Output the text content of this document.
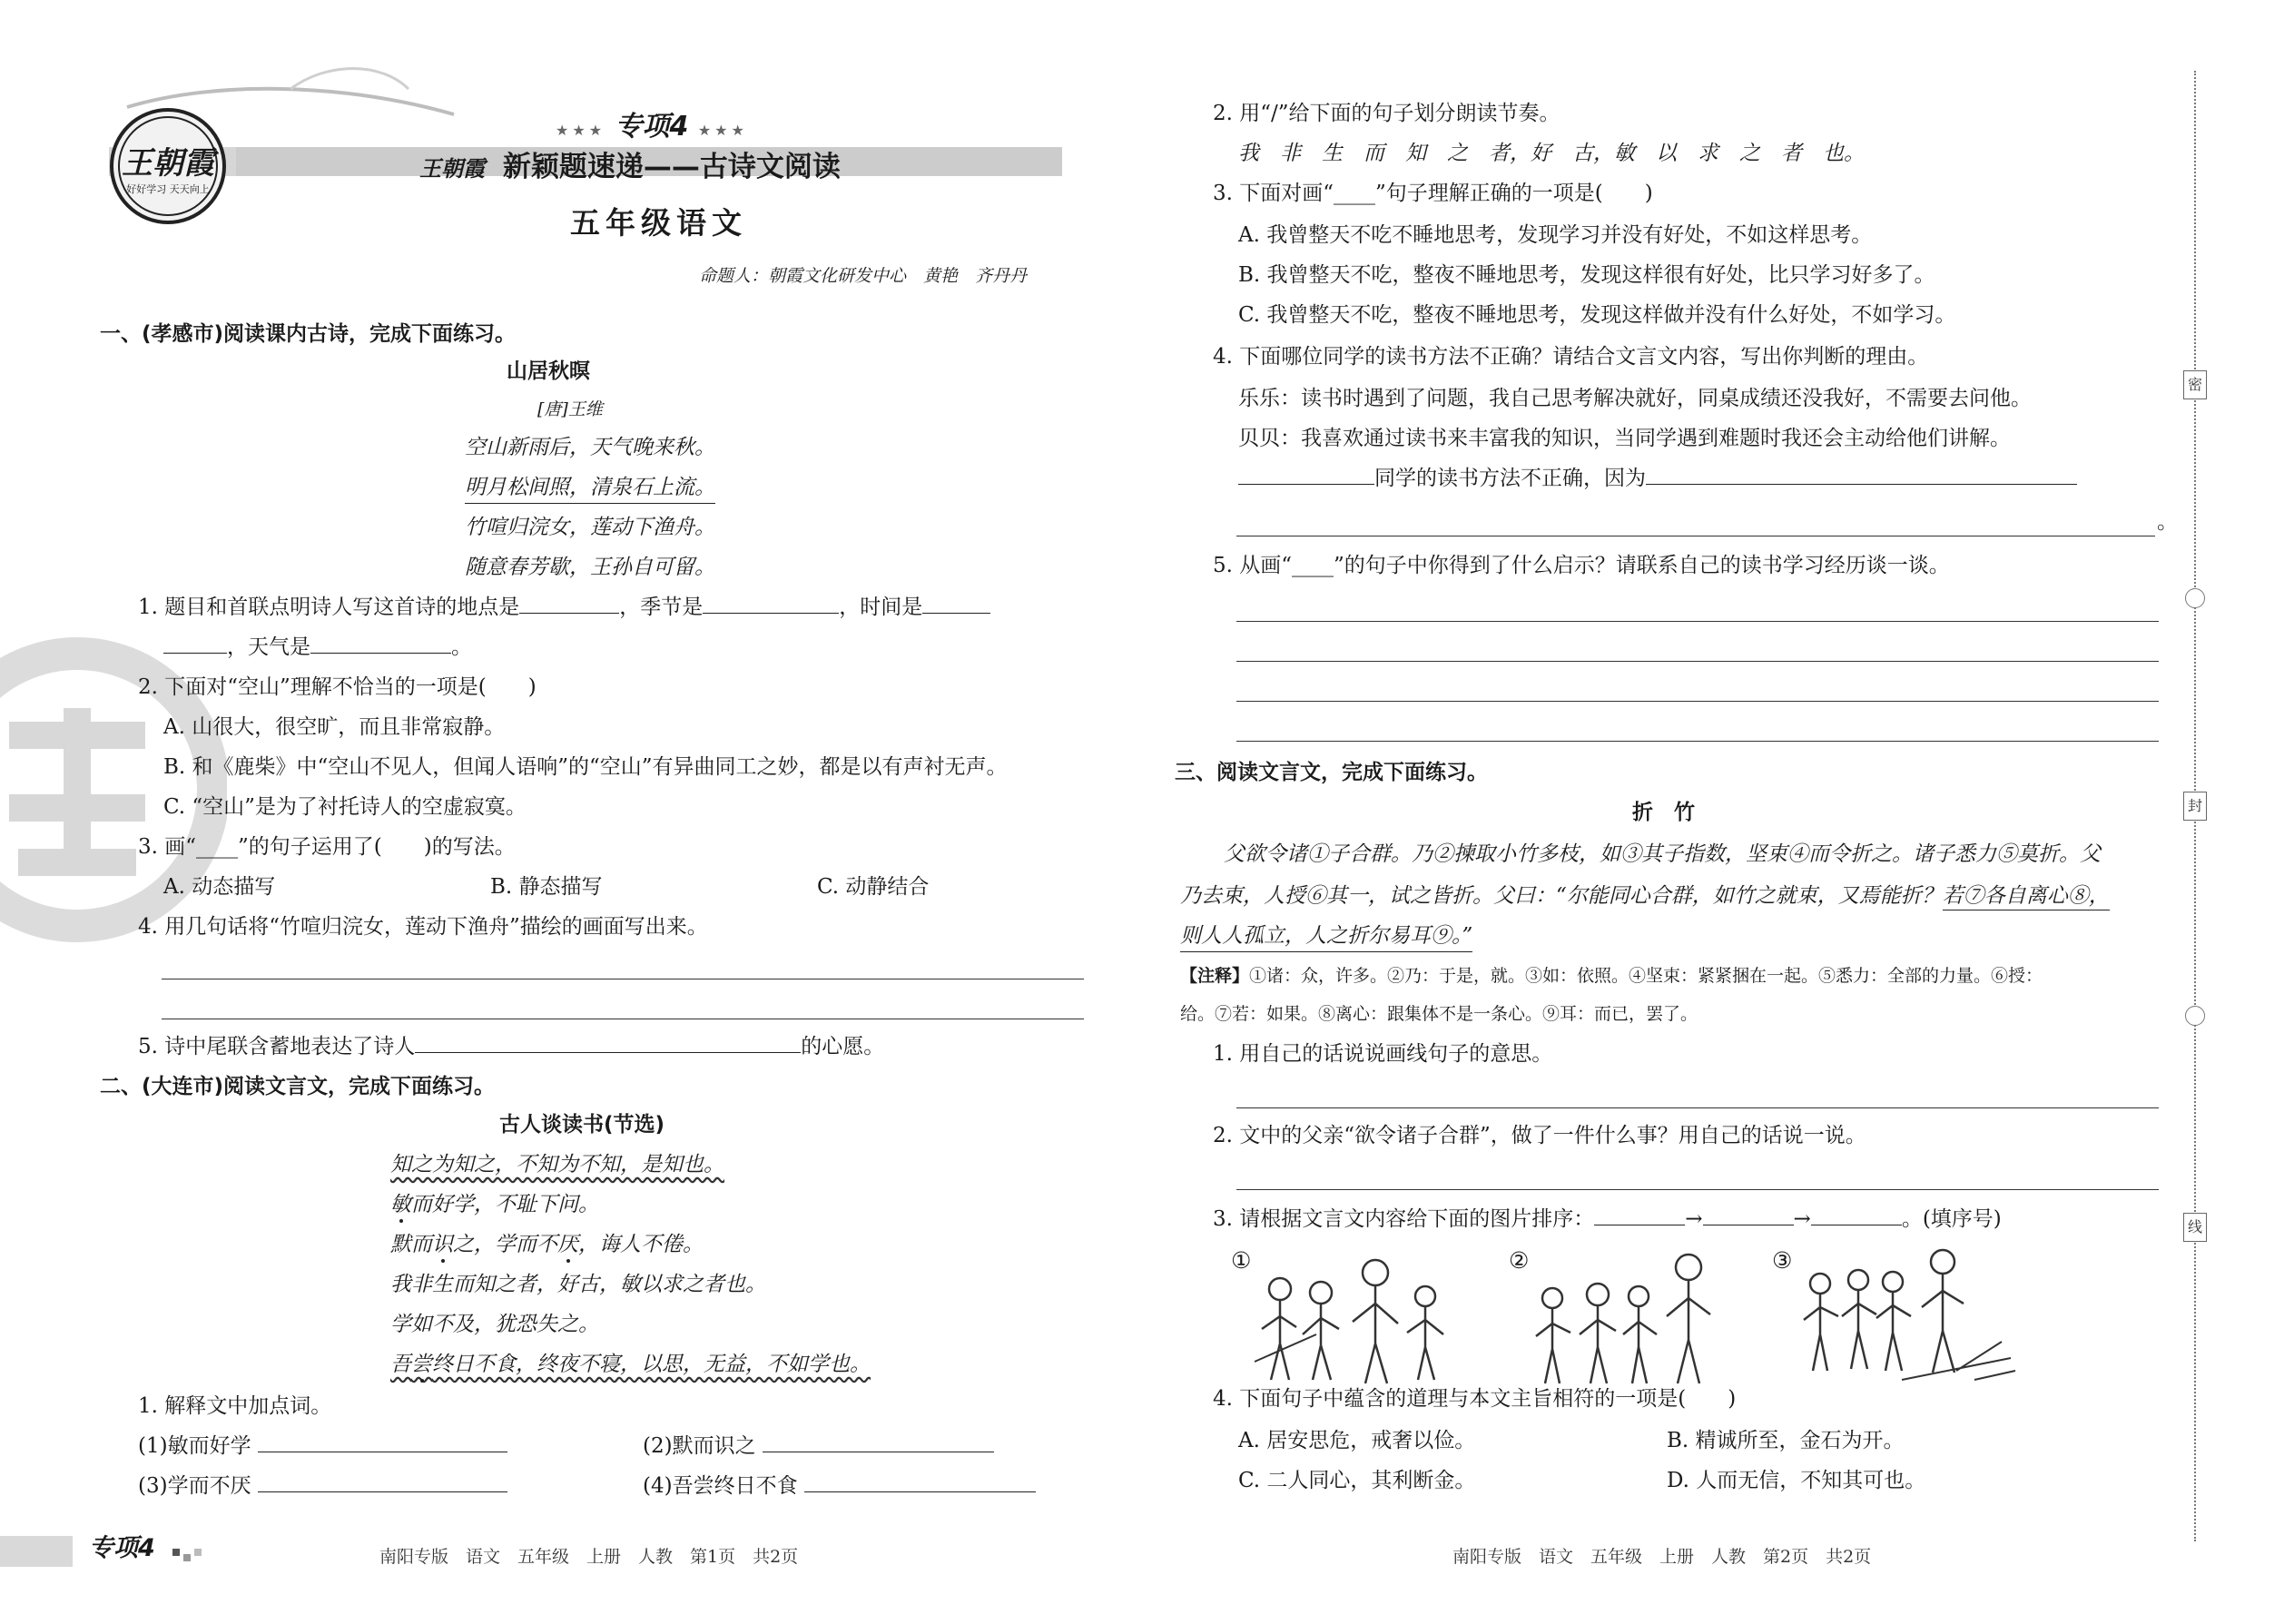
王朝霞
好好学习 天天向上
★★★ 专项4 ★★★
王朝霞 新颖题速递——古诗文阅读
五年级语文
命题人：朝霞文化研发中心　黄艳　齐丹丹
一、(孝感市)阅读课内古诗，完成下面练习。
山居秋暝
[唐]王维
空山新雨后，天气晚来秋。
明月松间照，清泉石上流。
竹喧归浣女，莲动下渔舟。
随意春芳歇，王孙自可留。
1. 题目和首联点明诗人写这首诗的地点是	，季节是	，时间是
，天气是	。
2. 下面对“空山”理解不恰当的一项是(　　)
A. 山很大，很空旷，而且非常寂静。
B. 和《鹿柴》中“空山不见人，但闻人语响”的“空山”有异曲同工之妙，都是以有声衬无声。
C. “空山”是为了衬托诗人的空虚寂寞。
3. 画“____”的句子运用了(　　)的写法。
A. 动态描写	B. 静态描写	C. 动静结合
4. 用几句话将“竹喧归浣女，莲动下渔舟”描绘的画面写出来。
5. 诗中尾联含蓄地表达了诗人	的心愿。
二、(大连市)阅读文言文，完成下面练习。
古人谈读书(节选)
知之为知之，不知为不知，是知也。
敏而好学，不耻下问。
默而识之，学而不厌，诲人不倦。
我非生而知之者，好古，敏以求之者也。
学如不及，犹恐失之。
吾尝终日不食，终夜不寝，以思，无益，不如学也。
1. 解释文中加点词。
(1)敏而好学	(2)默而识之
(3)学而不厌	(4)吾尝终日不食
专项4	南阳专版　语文　五年级　上册　人教　第1页　共2页
2. 用“/”给下面的句子划分朗读节奏。
我　非　生　而　知　之　者，好　古，敏　以　求　之　者　也。
3. 下面对画“____”句子理解正确的一项是(　　)
A. 我曾整天不吃不睡地思考，发现学习并没有好处，不如这样思考。
B. 我曾整天不吃，整夜不睡地思考，发现这样很有好处，比只学习好多了。
C. 我曾整天不吃，整夜不睡地思考，发现这样做并没有什么好处，不如学习。
4. 下面哪位同学的读书方法不正确？请结合文言文内容，写出你判断的理由。
乐乐：读书时遇到了问题，我自己思考解决就好，同桌成绩还没我好，不需要去问他。
贝贝：我喜欢通过读书来丰富我的知识，当同学遇到难题时我还会主动给他们讲解。
同学的读书方法不正确，因为
。
5. 从画“____”的句子中你得到了什么启示？请联系自己的读书学习经历谈一谈。
三、阅读文言文，完成下面练习。
折　竹
父欲令诸①子合群。乃②揀取小竹多枝，如③其子指数，坚束④而令折之。诸子悉力⑤莫折。父
乃去束，人授⑥其一，试之皆折。父曰：“尔能同心合群，如竹之就束，又焉能折？若⑦各自离心⑧，
则人人孤立，人之折尔易耳⑨。”
【注释】①诸：众，许多。②乃：于是，就。③如：依照。④坚束：紧紧捆在一起。⑤悉力：全部的力量。⑥授：
给。⑦若：如果。⑧离心：跟集体不是一条心。⑨耳：而已，罢了。
1. 用自己的话说说画线句子的意思。
2. 文中的父亲“欲令诸子合群”，做了一件什么事？用自己的话说一说。
3. 请根据文言文内容给下面的图片排序：	→	→	。(填序号)
①	②	③
4. 下面句子中蕴含的道理与本文主旨相符的一项是(　　)
A. 居安思危，戒奢以俭。	B. 精诚所至，金石为开。
C. 二人同心，其利断金。	D. 人而无信，不知其可也。
南阳专版　语文　五年级　上册　人教　第2页　共2页
密
封
线
